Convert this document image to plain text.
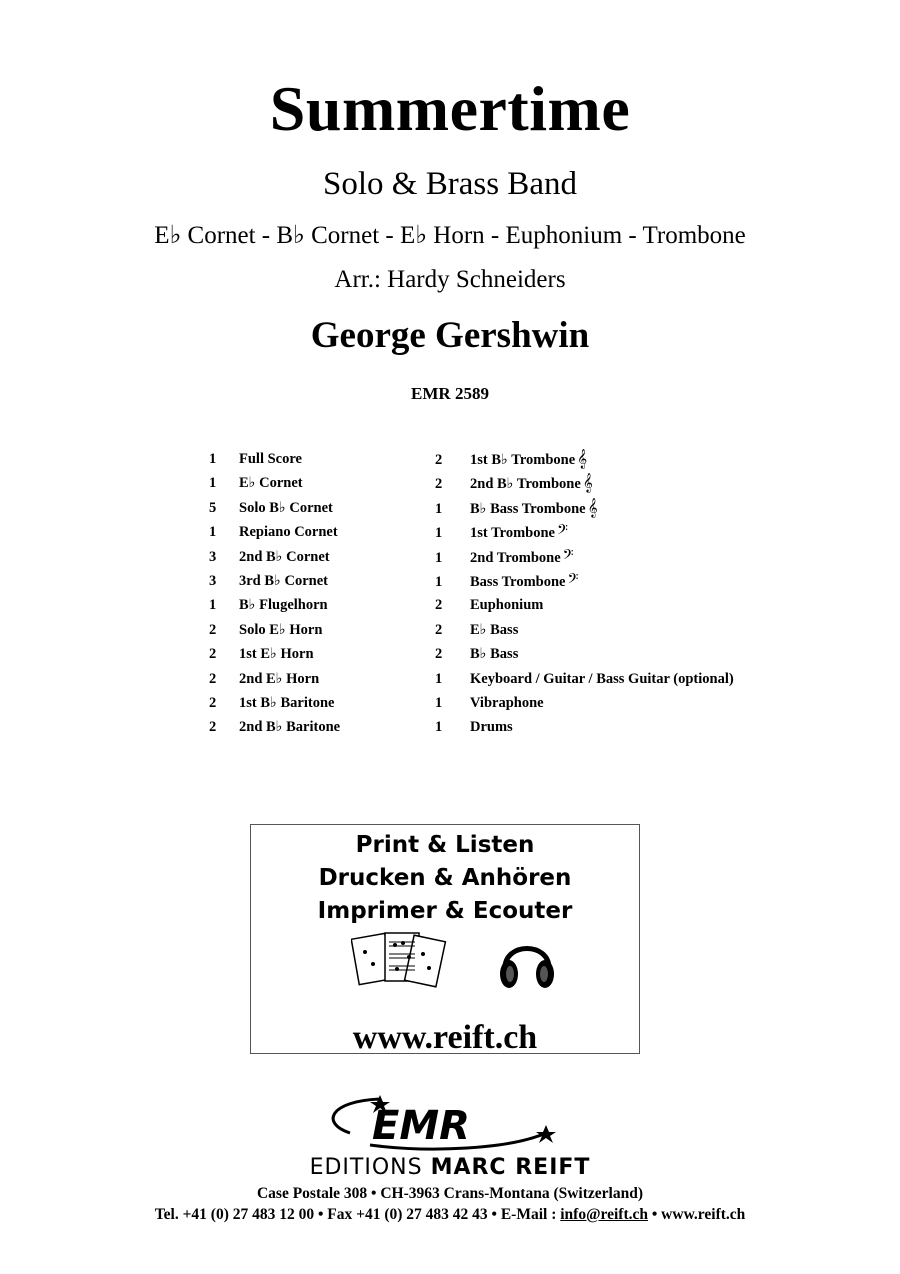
Summertime
Solo & Brass Band
E♭ Cornet - B♭ Cornet - E♭ Horn - Euphonium - Trombone
Arr.: Hardy Schneiders
George Gershwin
EMR 2589
1 Full Score
1 E♭ Cornet
5 Solo B♭ Cornet
1 Repiano Cornet
3 2nd B♭ Cornet
3 3rd B♭ Cornet
1 B♭ Flugelhorn
2 Solo E♭ Horn
2 1st E♭ Horn
2 2nd E♭ Horn
2 1st B♭ Baritone
2 2nd B♭ Baritone
2 1st B♭ Trombone 𝄞
2 2nd B♭ Trombone 𝄞
1 B♭ Bass Trombone 𝄞
1 1st Trombone 𝄢
1 2nd Trombone 𝄢
1 Bass Trombone 𝄢
2 Euphonium
2 E♭ Bass
2 B♭ Bass
1 Keyboard / Guitar / Bass Guitar (optional)
1 Vibraphone
1 Drums
Print & Listen
Drucken & Anhören
Imprimer & Ecouter
www.reift.ch
EMR
EDITIONS MARC REIFT
Case Postale 308 • CH-3963 Crans-Montana (Switzerland)
Tel. +41 (0) 27 483 12 00 • Fax +41 (0) 27 483 42 43 • E-Mail : info@reift.ch • www.reift.ch
